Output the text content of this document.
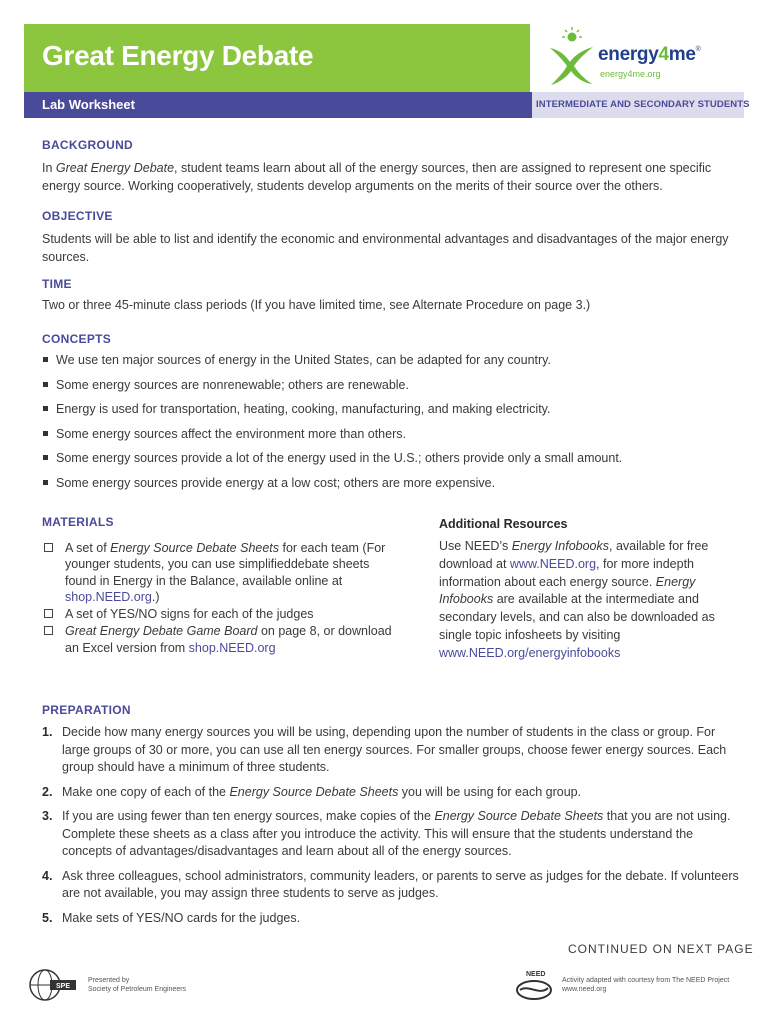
Great Energy Debate	energy4me®
energy4me.org
Lab Worksheet	INTERMEDIATE AND SECONDARY STUDENTS
BACKGROUND
In Great Energy Debate, student teams learn about all of the energy sources, then are assigned to represent one specific energy source. Working cooperatively, students develop arguments on the merits of their source over the others.
OBJECTIVE
Students will be able to list and identify the economic and environmental advantages and disadvantages of the major energy sources.
TIME
Two or three 45-minute class periods (If you have limited time, see Alternate Procedure on page 3.)
CONCEPTS
We use ten major sources of energy in the United States, can be adapted for any country.
Some energy sources are nonrenewable; others are renewable.
Energy is used for transportation, heating, cooking, manufacturing, and making electricity.
Some energy sources affect the environment more than others.
Some energy sources provide a lot of the energy used in the U.S.; others provide only a small amount.
Some energy sources provide energy at a low cost; others are more expensive.
MATERIALS
A set of Energy Source Debate Sheets for each team (For younger students, you can use simplifieddebate sheets found in Energy in the Balance, available online at shop.NEED.org.)
A set of YES/NO signs for each of the judges
Great Energy Debate Game Board on page 8, or download an Excel version from shop.NEED.org
Additional Resources
Use NEED’s Energy Infobooks, available for free download at www.NEED.org, for more indepth information about each energy source. Energy Infobooks are available at the intermediate and secondary levels, and can also be downloaded as single topic infosheets by visiting www.NEED.org/energyinfobooks
PREPARATION
1. Decide how many energy sources you will be using, depending upon the number of students in the class or group. For large groups of 30 or more, you can use all ten energy sources. For smaller groups, choose fewer energy sources. Each group should have a minimum of three students.
2. Make one copy of each of the Energy Source Debate Sheets you will be using for each group.
3. If you are using fewer than ten energy sources, make copies of the Energy Source Debate Sheets that you are not using. Complete these sheets as a class after you introduce the activity. This will ensure that the students understand the concepts of advantages/disadvantages and learn about all of the energy sources.
4. Ask three colleagues, school administrators, community leaders, or parents to serve as judges for the debate. If volunteers are not available, you may assign three students to serve as judges.
5. Make sets of YES/NO cards for the judges.
CONTINUED ON NEXT PAGE
SPE
Presented by
Society of Petroleum Engineers
NEED
Activity adapted with courtesy from The NEED Project
www.need.org
